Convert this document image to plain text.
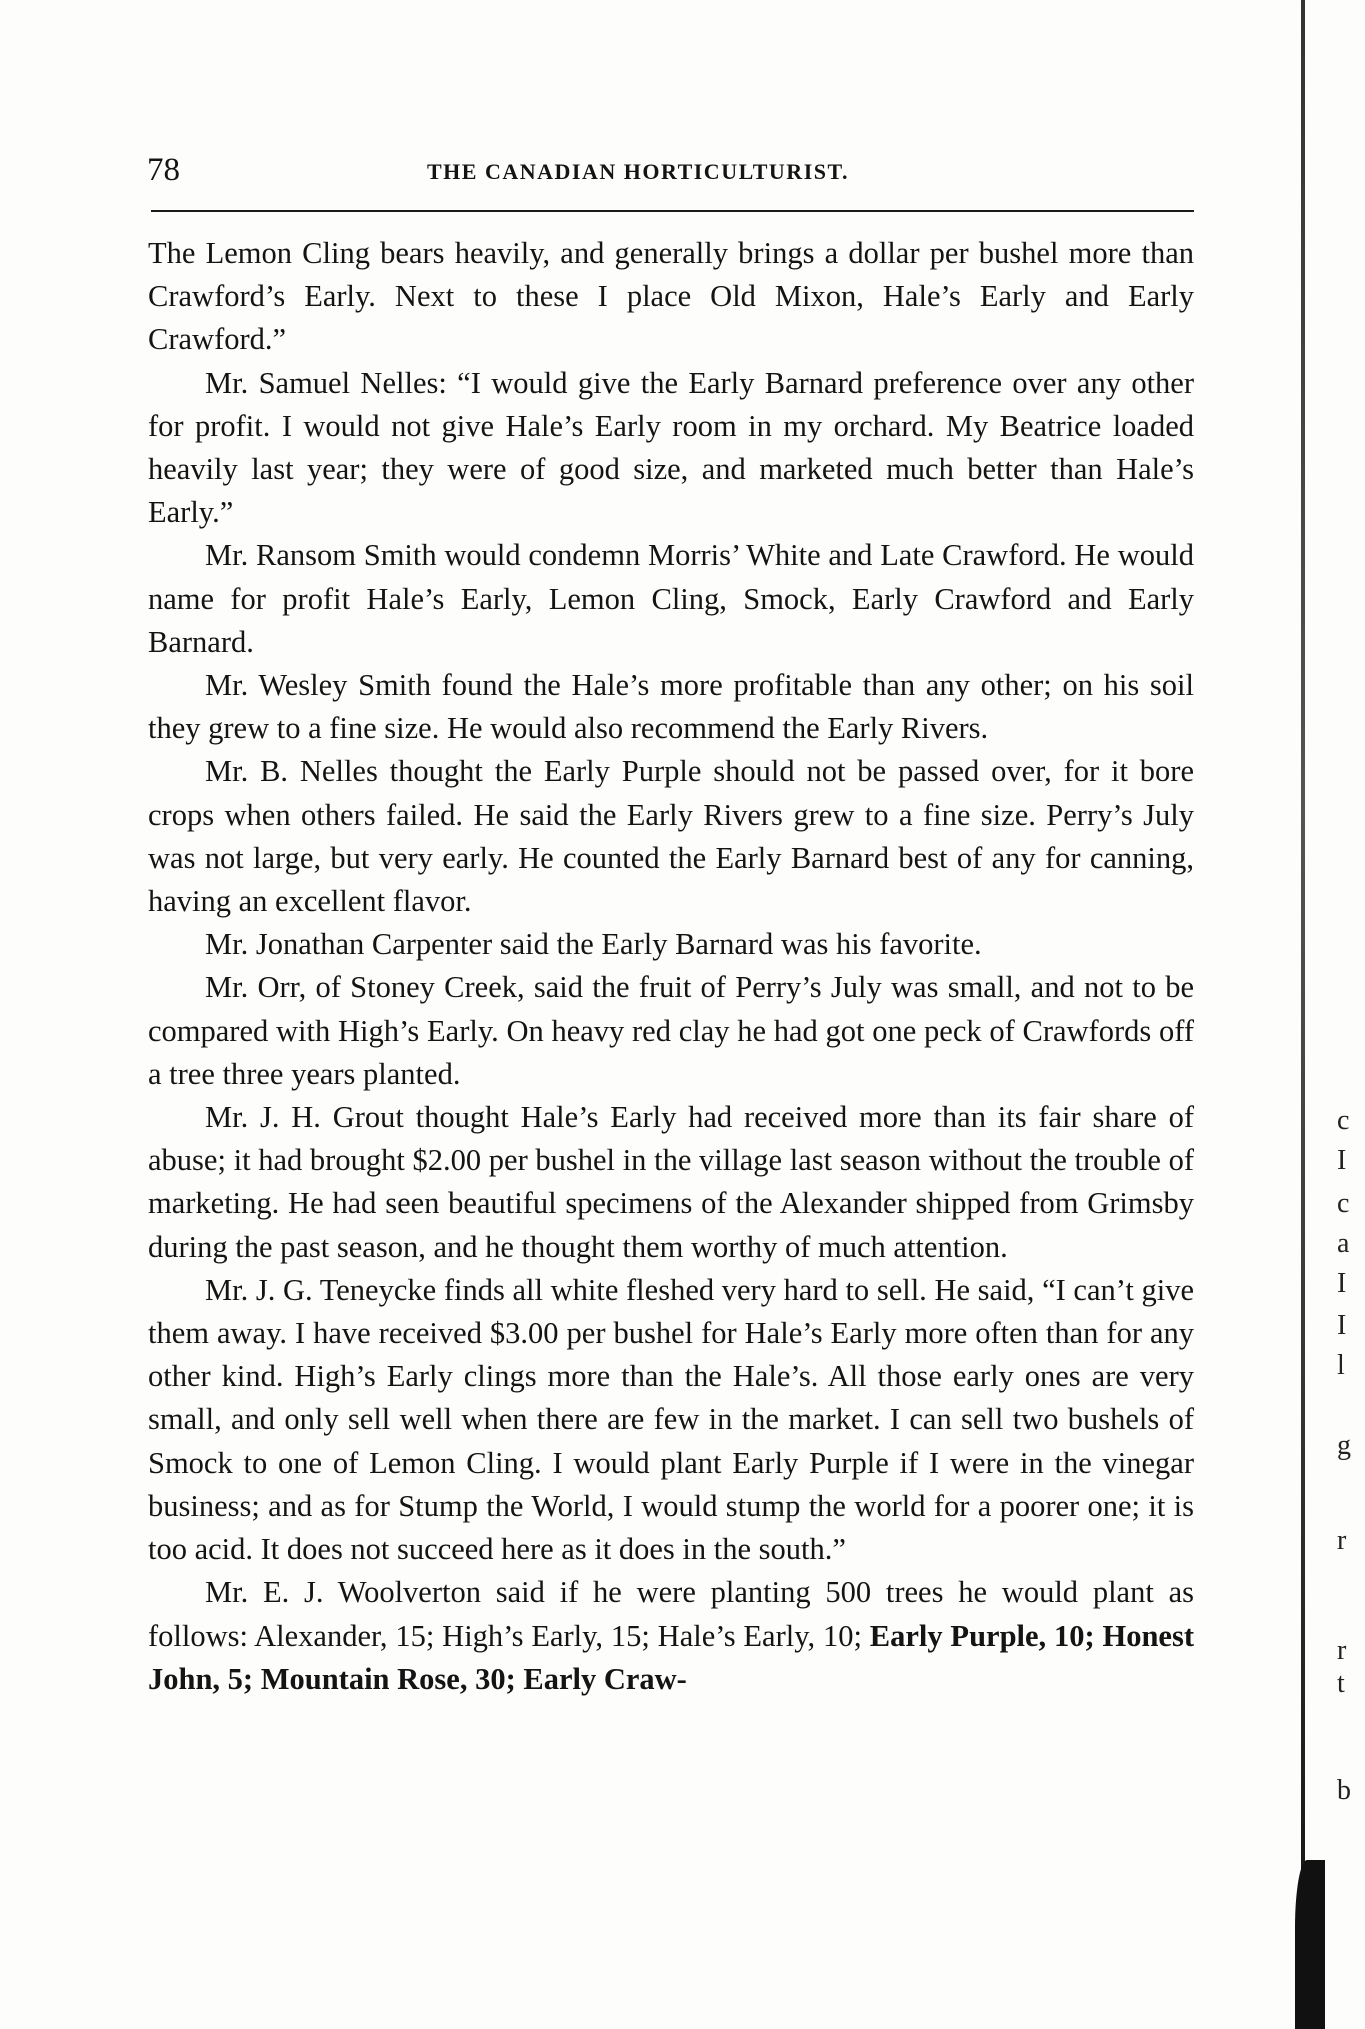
78	THE CANADIAN HORTICULTURIST.

The Lemon Cling bears heavily, and generally brings a dollar per bushel more than Crawford’s Early. Next to these I place Old Mixon, Hale’s Early and Early Crawford.”

Mr. Samuel Nelles: “I would give the Early Barnard preference over any other for profit. I would not give Hale’s Early room in my orchard. My Beatrice loaded heavily last year; they were of good size, and marketed much better than Hale’s Early.”

Mr. Ransom Smith would condemn Morris’ White and Late Crawford. He would name for profit Hale’s Early, Lemon Cling, Smock, Early Crawford and Early Barnard.

Mr. Wesley Smith found the Hale’s more profitable than any other; on his soil they grew to a fine size. He would also recommend the Early Rivers.

Mr. B. Nelles thought the Early Purple should not be passed over, for it bore crops when others failed. He said the Early Rivers grew to a fine size. Perry’s July was not large, but very early. He counted the Early Barnard best of any for canning, having an excellent flavor.

Mr. Jonathan Carpenter said the Early Barnard was his favorite.

Mr. Orr, of Stoney Creek, said the fruit of Perry’s July was small, and not to be compared with High’s Early. On heavy red clay he had got one peck of Crawfords off a tree three years planted.

Mr. J. H. Grout thought Hale’s Early had received more than its fair share of abuse; it had brought $2.00 per bushel in the village last season without the trouble of marketing. He had seen beautiful specimens of the Alexander shipped from Grimsby during the past season, and he thought them worthy of much attention.

Mr. J. G. Teneycke finds all white fleshed very hard to sell. He said, “I can’t give them away. I have received $3.00 per bushel for Hale’s Early more often than for any other kind. High’s Early clings more than the Hale’s. All those early ones are very small, and only sell well when there are few in the market. I can sell two bushels of Smock to one of Lemon Cling. I would plant Early Purple if I were in the vinegar business; and as for Stump the World, I would stump the world for a poorer one; it is too acid. It does not succeed here as it does in the south.”

Mr. E. J. Woolverton said if he were planting 500 trees he would plant as follows: Alexander, 15; High’s Early, 15; Hale’s Early, 10; Early Purple, 10; Honest John, 5; Mountain Rose, 30; Early Craw-

c
I
c
a
I
I
l
g
r
r
t
b
